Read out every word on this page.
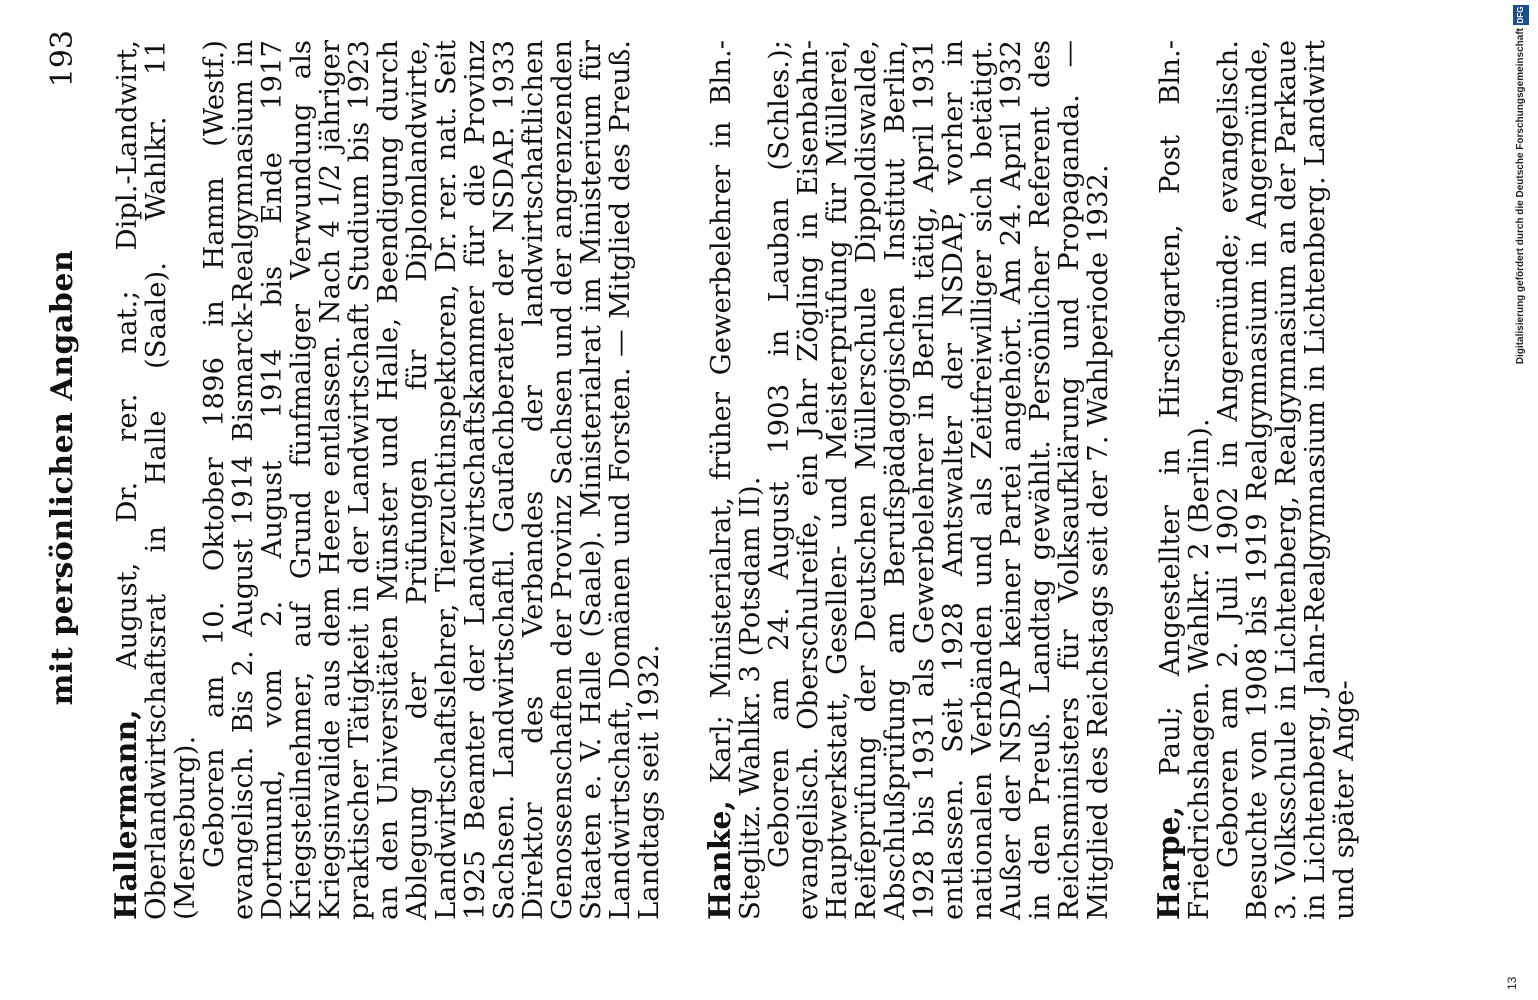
mit persönlichen Angaben
193

Hallermann, August, Dr. rer. nat.; Dipl.-Landwirt, Oberlandwirtschaftsrat in Halle (Saale). Wahlkr. 11 (Merseburg).

Geboren am 10. Oktober 1896 in Hamm (Westf.) evangelisch. Bis 2. August 1914 Bismarck-Realgymnasium in Dortmund, vom 2. August 1914 bis Ende 1917 Kriegsteilnehmer, auf Grund fünfmaliger Verwundung als Kriegsinvalide aus dem Heere entlassen. Nach 4 1/2 jähriger praktischer Tätigkeit in der Landwirtschaft Studium bis 1923 an den Universitäten Münster und Halle, Beendigung durch Ablegung der Prüfungen für Diplomlandwirte, Landwirtschaftslehrer, Tierzuchtinspektoren, Dr. rer. nat. Seit 1925 Beamter der Landwirtschaftskammer für die Provinz Sachsen. Landwirtschaftl. Gaufachberater der NSDAP. 1933 Direktor des Verbandes der landwirtschaftlichen Genossenschaften der Provinz Sachsen und der angrenzenden Staaten e. V. Halle (Saale). Ministerialrat im Ministerium für Landwirtschaft, Domänen und Forsten. — Mitglied des Preuß. Landtags seit 1932. Hanke, Karl; Ministerialrat, früher Gewerbelehrer in Bln.-Steglitz. Wahlkr. 3 (Potsdam II).

Geboren am 24. August 1903 in Lauban (Schles.); evangelisch. Oberschulreife, ein Jahr Zögling in Eisenbahn-Hauptwerkstatt, Gesellen- und Meisterprüfung für Müllerei, Reifeprüfung der Deutschen Müllerschule Dippoldiswalde, Abschlußprüfung am Berufspädagogischen Institut Berlin, 1928 bis 1931 als Gewerbelehrer in Berlin tätig, April 1931 entlassen. Seit 1928 Amtswalter der NSDAP, vorher in nationalen Verbänden und als Zeitfreiwilliger sich betätigt. Außer der NSDAP keiner Partei angehört. Am 24. April 1932 in den Preuß. Landtag gewählt. Persönlicher Referent des Reichsministers für Volksaufklärung und Propaganda. — Mitglied des Reichstags seit der 7. Wahlperiode 1932. Harpe, Paul; Angestellter in Hirschgarten, Post Bln.-Friedrichshagen. Wahlkr. 2 (Berlin).

Geboren am 2. Juli 1902 in Angermünde; evangelisch. Besuchte von 1908 bis 1919 Realgymnasium in Angermünde, 3. Volksschule in Lichtenberg, Realgymnasium an der Parkaue in Lichtenberg, Jahn-Realgymnasium in Lichtenberg. Landwirt und später Ange-

13
Digitalisierung gefördert durch die Deutsche Forschungsgemeinschaft
DFG
